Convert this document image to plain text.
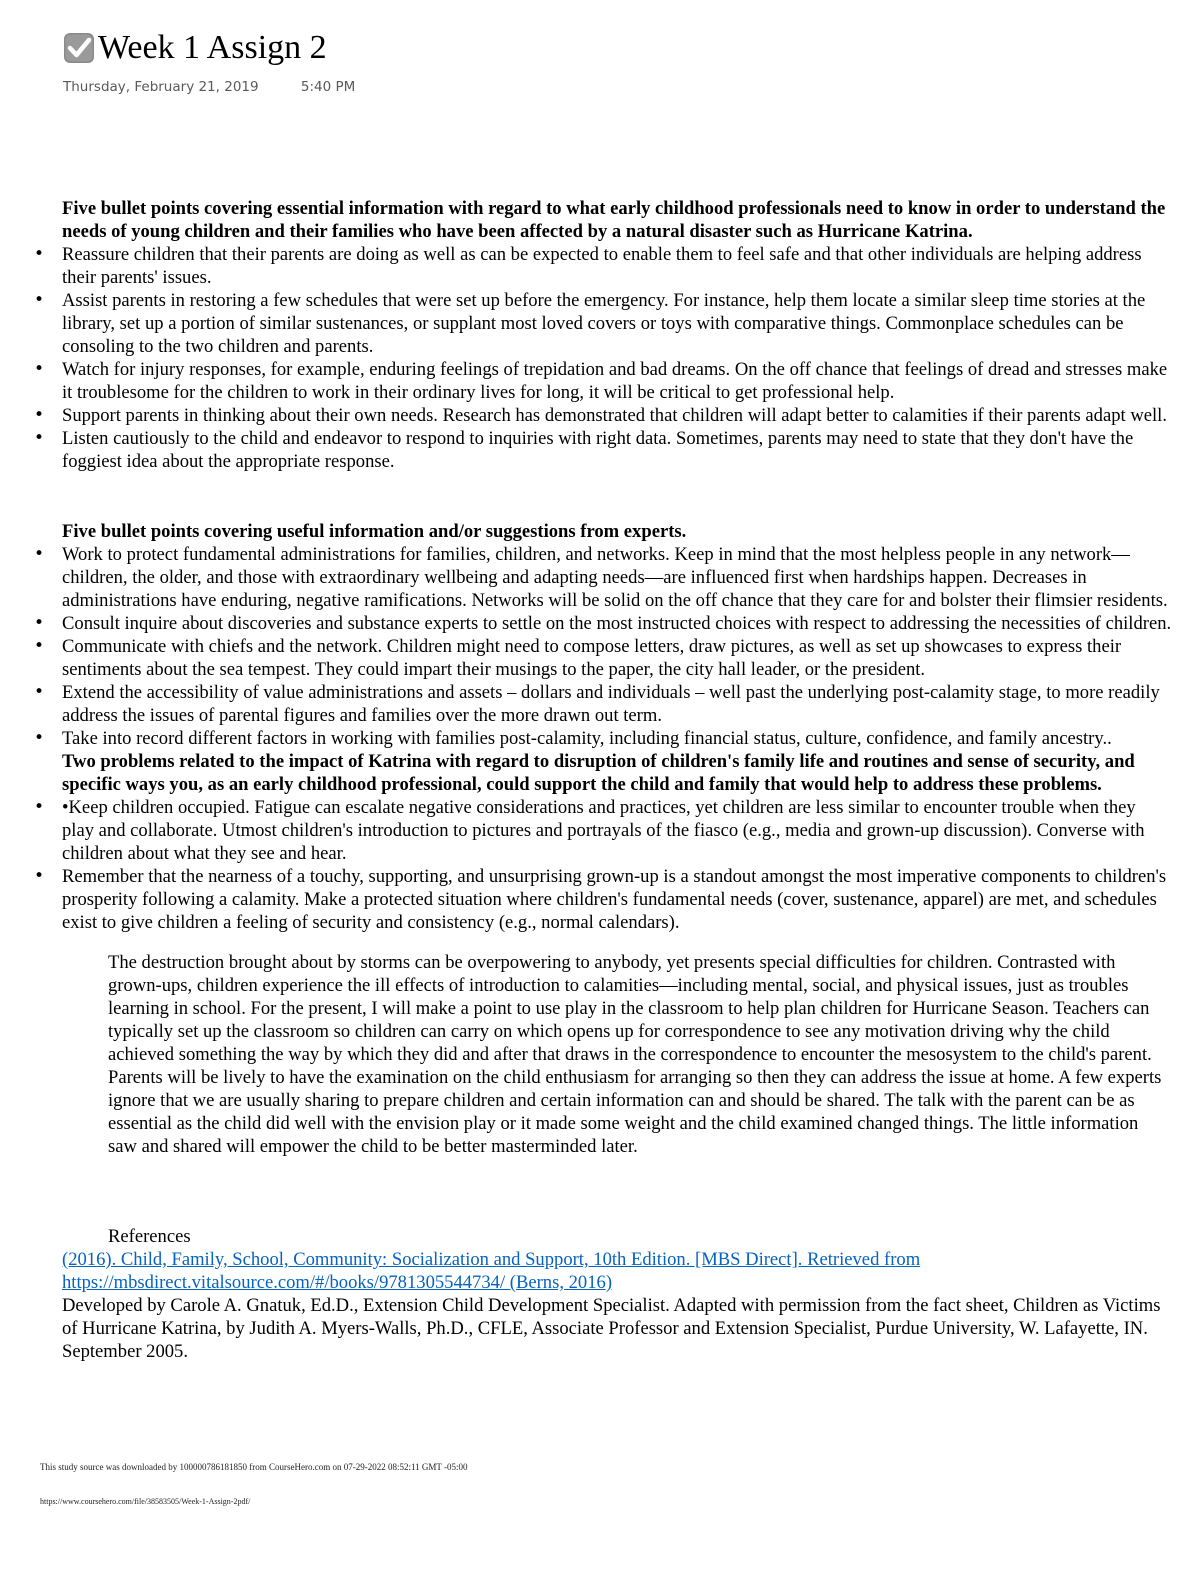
Week 1 Assign 2
Thursday, February 21, 2019	5:40 PM

Five bullet points covering essential information with regard to what early childhood professionals need to know in order to understand the needs of young children and their families who have been affected by a natural disaster such as Hurricane Katrina.

• Reassure children that their parents are doing as well as can be expected to enable them to feel safe and that other individuals are helping address their parents' issues.
• Assist parents in restoring a few schedules that were set up before the emergency. For instance, help them locate a similar sleep time stories at the library, set up a portion of similar sustenances, or supplant most loved covers or toys with comparative things. Commonplace schedules can be consoling to the two children and parents.
• Watch for injury responses, for example, enduring feelings of trepidation and bad dreams. On the off chance that feelings of dread and stresses make it troublesome for the children to work in their ordinary lives for long, it will be critical to get professional help.
• Support parents in thinking about their own needs. Research has demonstrated that children will adapt better to calamities if their parents adapt well.
• Listen cautiously to the child and endeavor to respond to inquiries with right data. Sometimes, parents may need to state that they don't have the foggiest idea about the appropriate response.

Five bullet points covering useful information and/or suggestions from experts.

• Work to protect fundamental administrations for families, children, and networks. Keep in mind that the most helpless people in any network—children, the older, and those with extraordinary wellbeing and adapting needs—are influenced first when hardships happen. Decreases in administrations have enduring, negative ramifications. Networks will be solid on the off chance that they care for and bolster their flimsier residents.
• Consult inquire about discoveries and substance experts to settle on the most instructed choices with respect to addressing the necessities of children.
• Communicate with chiefs and the network. Children might need to compose letters, draw pictures, as well as set up showcases to express their sentiments about the sea tempest. They could impart their musings to the paper, the city hall leader, or the president.
• Extend the accessibility of value administrations and assets – dollars and individuals – well past the underlying post-calamity stage, to more readily address the issues of parental figures and families over the more drawn out term.
• Take into record different factors in working with families post-calamity, including financial status, culture, confidence, and family ancestry..

Two problems related to the impact of Katrina with regard to disruption of children's family life and routines and sense of security, and specific ways you, as an early childhood professional, could support the child and family that would help to address these problems.

• •Keep children occupied. Fatigue can escalate negative considerations and practices, yet children are less similar to encounter trouble when they play and collaborate. Utmost children's introduction to pictures and portrayals of the fiasco (e.g., media and grown-up discussion). Converse with children about what they see and hear.
• Remember that the nearness of a touchy, supporting, and unsurprising grown-up is a standout amongst the most imperative components to children's prosperity following a calamity. Make a protected situation where children's fundamental needs (cover, sustenance, apparel) are met, and schedules exist to give children a feeling of security and consistency (e.g., normal calendars).

The destruction brought about by storms can be overpowering to anybody, yet presents special difficulties for children. Contrasted with grown-ups, children experience the ill effects of introduction to calamities—including mental, social, and physical issues, just as troubles learning in school. For the present, I will make a point to use play in the classroom to help plan children for Hurricane Season. Teachers can typically set up the classroom so children can carry on which opens up for correspondence to see any motivation driving why the child achieved something the way by which they did and after that draws in the correspondence to encounter the mesosystem to the child's parent. Parents will be lively to have the examination on the child enthusiasm for arranging so then they can address the issue at home. A few experts ignore that we are usually sharing to prepare children and certain information can and should be shared. The talk with the parent can be as essential as the child did well with the envision play or it made some weight and the child examined changed things. The little information saw and shared will empower the child to be better masterminded later.

References
(2016). Child, Family, School, Community: Socialization and Support, 10th Edition. [MBS Direct]. Retrieved from https://mbsdirect.vitalsource.com/#/books/9781305544734/ (Berns, 2016)
Developed by Carole A. Gnatuk, Ed.D., Extension Child Development Specialist. Adapted with permission from the fact sheet, Children as Victims of Hurricane Katrina, by Judith A. Myers-Walls, Ph.D., CFLE, Associate Professor and Extension Specialist, Purdue University, W. Lafayette, IN. September 2005.
This study source was downloaded by 100000786181850 from CourseHero.com on 07-29-2022 08:52:11 GMT -05:00
https://www.coursehero.com/file/38583505/Week-1-Assign-2pdf/
